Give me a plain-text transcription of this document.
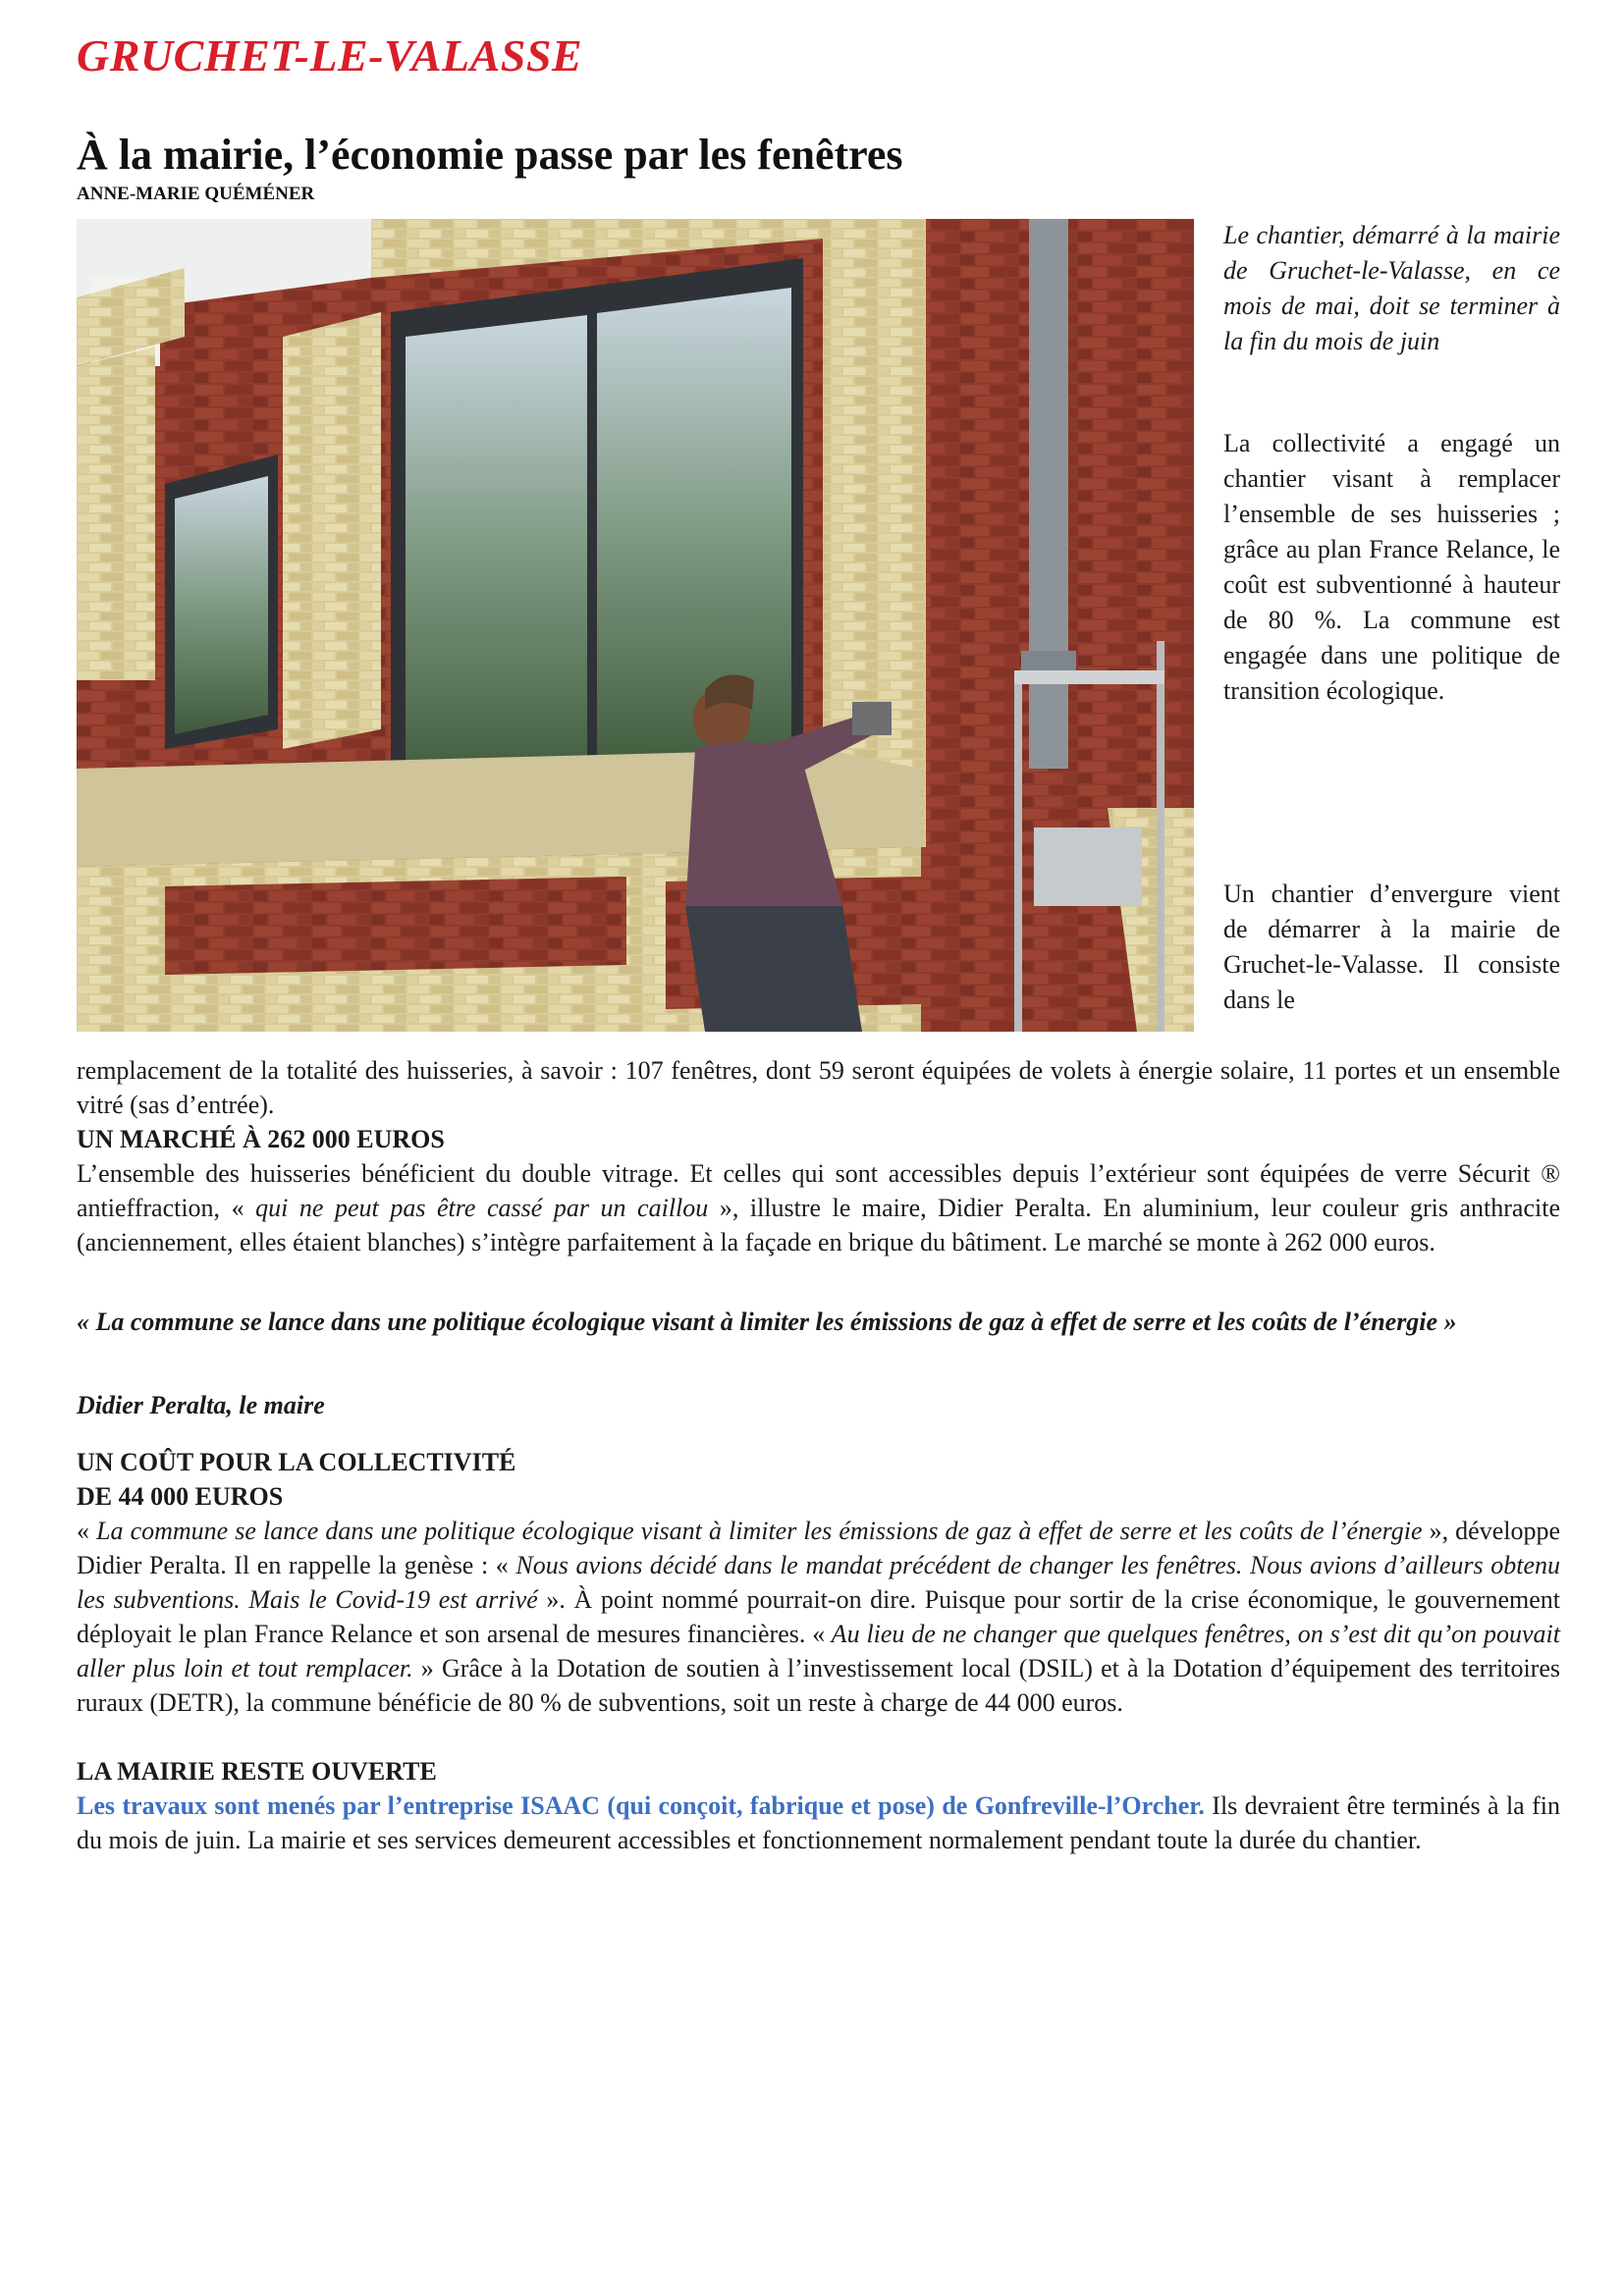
GRUCHET-LE-VALASSE
À la mairie, l’économie passe par les fenêtres
ANNE-MARIE QUÉMÉNER

Le chantier, démarré à la mairie de Gruchet-le-Valasse, en ce mois de mai, doit se terminer à la fin du mois de juin

La collectivité a engagé un chantier visant à remplacer l’ensemble de ses huisseries ; grâce au plan France Relance, le coût est subventionné à hauteur de 80 %. La commune est engagée dans une politique de transition écologique.

Un chantier d’envergure vient de démarrer à la mairie de Gruchet-le-Valasse. Il consiste dans le

remplacement de la totalité des huisseries, à savoir : 107 fenêtres, dont 59 seront équipées de volets à énergie solaire, 11 portes et un ensemble vitré (sas d’entrée).

UN MARCHÉ À 262 000 EUROS

L’ensemble des huisseries bénéficient du double vitrage. Et celles qui sont accessibles depuis l’extérieur sont équipées de verre Sécurit ® antieffraction, « qui ne peut pas être cassé par un caillou », illustre le maire, Didier Peralta. En aluminium, leur couleur gris anthracite (anciennement, elles étaient blanches) s’intègre parfaitement à la façade en brique du bâtiment. Le marché se monte à 262 000 euros.

« La commune se lance dans une politique écologique visant à limiter les émissions de gaz à effet de serre et les coûts de l’énergie »

Didier Peralta, le maire

UN COÛT POUR LA COLLECTIVITÉ
DE 44 000 EUROS

« La commune se lance dans une politique écologique visant à limiter les émissions de gaz à effet de serre et les coûts de l’énergie », développe Didier Peralta. Il en rappelle la genèse : « Nous avions décidé dans le mandat précédent de changer les fenêtres. Nous avions d’ailleurs obtenu les subventions. Mais le Covid-19 est arrivé ». À point nommé pourrait-on dire. Puisque pour sortir de la crise économique, le gouvernement déployait le plan France Relance et son arsenal de mesures financières. « Au lieu de ne changer que quelques fenêtres, on s’est dit qu’on pouvait aller plus loin et tout remplacer. » Grâce à la Dotation de soutien à l’investissement local (DSIL) et à la Dotation d’équipement des territoires ruraux (DETR), la commune bénéficie de 80 % de subventions, soit un reste à charge de 44 000 euros.

LA MAIRIE RESTE OUVERTE

Les travaux sont menés par l’entreprise ISAAC (qui conçoit, fabrique et pose) de Gonfreville-l’Orcher. Ils devraient être terminés à la fin du mois de juin. La mairie et ses services demeurent accessibles et fonctionnement normalement pendant toute la durée du chantier.
